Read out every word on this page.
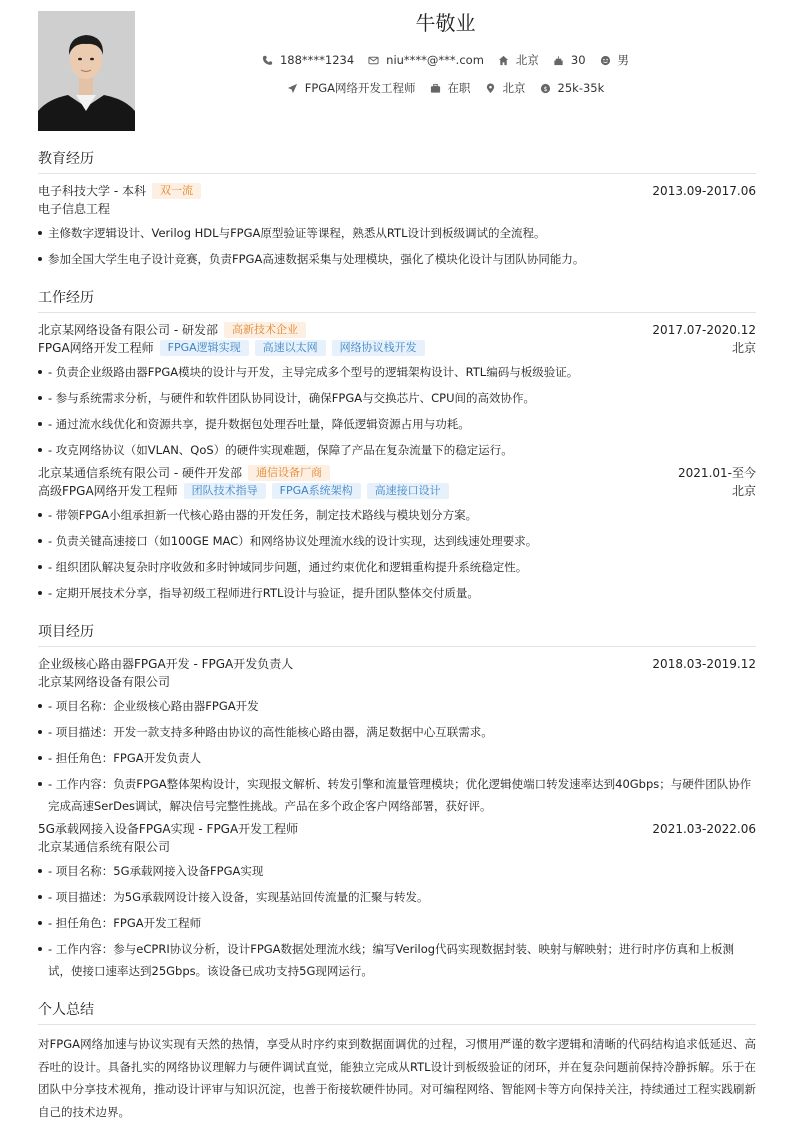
牛敬业
188****1234	niu****@***.com	北京	30	男
FPGA网络开发工程师	在职	北京 $ 25k-35k
教育经历
电子科技大学 - 本科	双一流	2013.09-2017.06
电子信息工程
主修数字逻辑设计、Verilog HDL与FPGA原型验证等课程，熟悉从RTL设计到板级调试的全流程。
参加全国大学生电子设计竞赛，负责FPGA高速数据采集与处理模块，强化了模块化设计与团队协同能力。
工作经历
北京某网络设备有限公司 - 研发部	高新技术企业	2017.07-2020.12
FPGA网络开发工程师	FPGA逻辑实现	高速以太网	网络协议栈开发	北京
- 负责企业级路由器FPGA模块的设计与开发，主导完成多个型号的逻辑架构设计、RTL编码与板级验证。
- 参与系统需求分析，与硬件和软件团队协同设计，确保FPGA与交换芯片、CPU间的高效协作。
- 通过流水线优化和资源共享，提升数据包处理吞吐量，降低逻辑资源占用与功耗。
- 攻克网络协议（如VLAN、QoS）的硬件实现难题，保障了产品在复杂流量下的稳定运行。
北京某通信系统有限公司 - 硬件开发部	通信设备厂商	2021.01-至今
高级FPGA网络开发工程师	团队技术指导	FPGA系统架构	高速接口设计	北京
- 带领FPGA小组承担新一代核心路由器的开发任务，制定技术路线与模块划分方案。
- 负责关键高速接口（如100GE MAC）和网络协议处理流水线的设计实现，达到线速处理要求。
- 组织团队解决复杂时序收敛和多时钟域同步问题，通过约束优化和逻辑重构提升系统稳定性。
- 定期开展技术分享，指导初级工程师进行RTL设计与验证，提升团队整体交付质量。
项目经历
企业级核心路由器FPGA开发 - FPGA开发负责人	2018.03-2019.12
北京某网络设备有限公司
- 项目名称：企业级核心路由器FPGA开发
- 项目描述：开发一款支持多种路由协议的高性能核心路由器，满足数据中心互联需求。
- 担任角色：FPGA开发负责人
- 工作内容：负责FPGA整体架构设计，实现报文解析、转发引擎和流量管理模块；优化逻辑使端口转发速率达到40Gbps；与硬件团队协作完成高速SerDes调试，解决信号完整性挑战。产品在多个政企客户网络部署，获好评。
5G承载网接入设备FPGA实现 - FPGA开发工程师	2021.03-2022.06
北京某通信系统有限公司
- 项目名称：5G承载网接入设备FPGA实现
- 项目描述：为5G承载网设计接入设备，实现基站回传流量的汇聚与转发。
- 担任角色：FPGA开发工程师
- 工作内容：参与eCPRI协议分析，设计FPGA数据处理流水线；编写Verilog代码实现数据封装、映射与解映射；进行时序仿真和上板测试，使接口速率达到25Gbps。该设备已成功支持5G现网运行。
个人总结
对FPGA网络加速与协议实现有天然的热情，享受从时序约束到数据面调优的过程，习惯用严谨的数字逻辑和清晰的代码结构追求低延迟、高吞吐的设计。具备扎实的网络协议理解力与硬件调试直觉，能独立完成从RTL设计到板级验证的闭环，并在复杂问题前保持冷静拆解。乐于在团队中分享技术视角，推动设计评审与知识沉淀，也善于衔接软硬件协同。对可编程网络、智能网卡等方向保持关注，持续通过工程实践刷新自己的技术边界。
